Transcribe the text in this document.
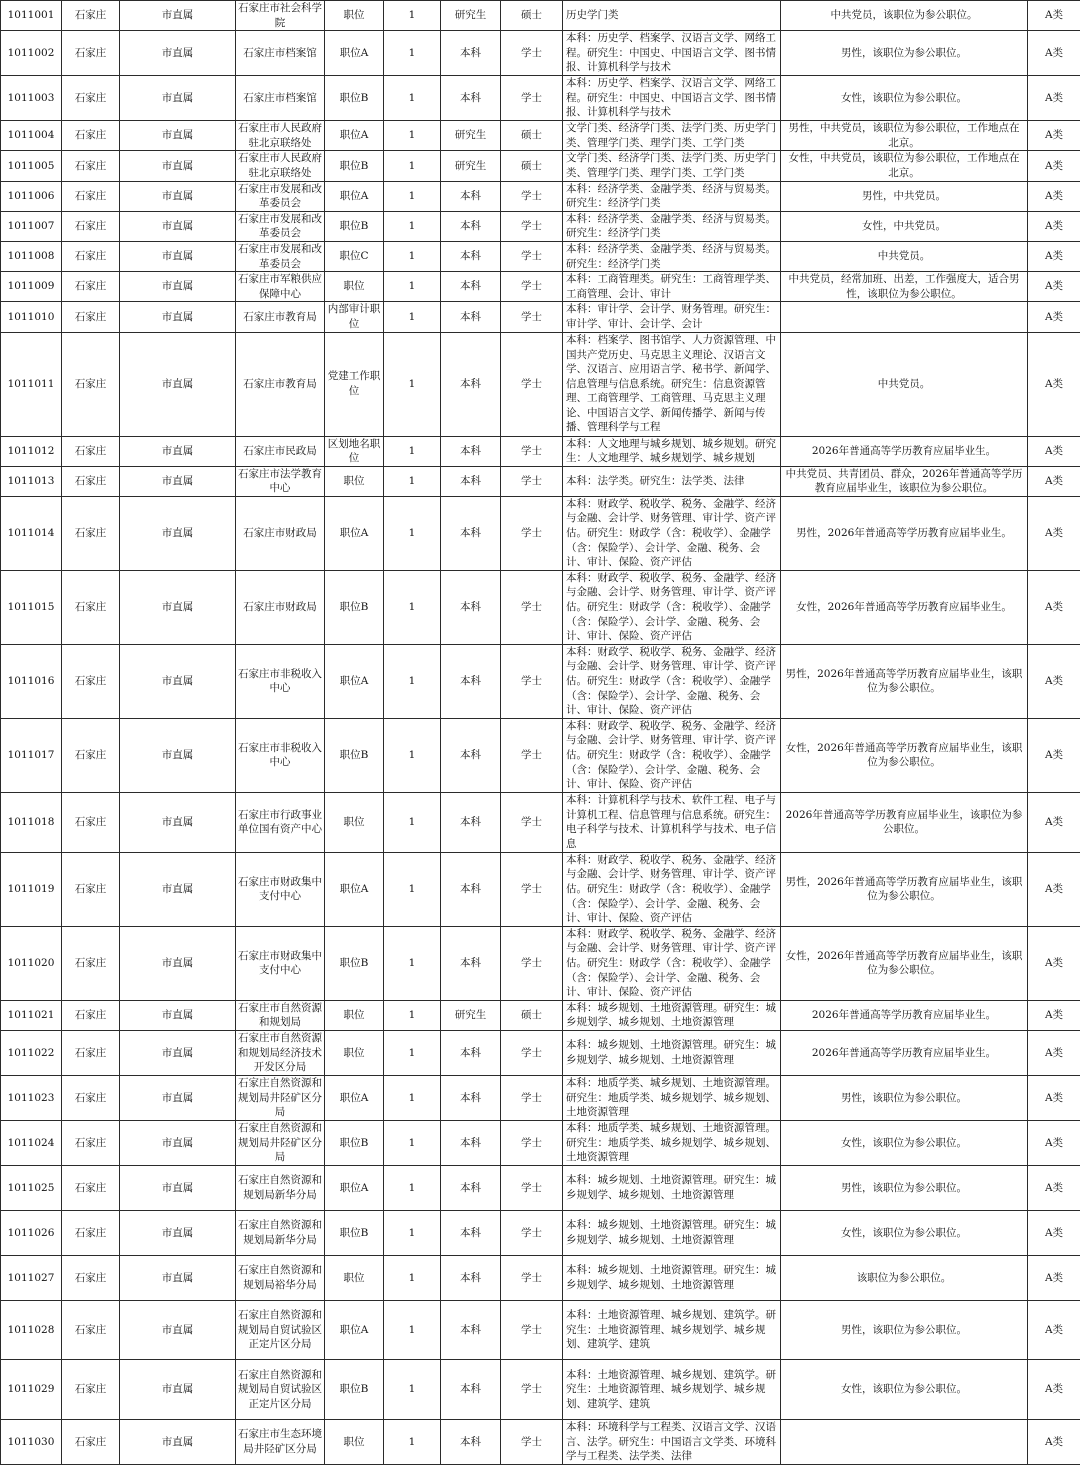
1011001	石家庄	市直属	石家庄市社会科学院	职位	1	研究生	硕士	历史学门类	中共党员，该职位为参公职位。	A类
1011002	石家庄	市直属	石家庄市档案馆	职位A	1	本科	学士	本科：历史学、档案学、汉语言文学、网络工程。研究生：中国史、中国语言文学、图书情报、计算机科学与技术	男性，该职位为参公职位。	A类
1011003	石家庄	市直属	石家庄市档案馆	职位B	1	本科	学士	本科：历史学、档案学、汉语言文学、网络工程。研究生：中国史、中国语言文学、图书情报、计算机科学与技术	女性，该职位为参公职位。	A类
1011004	石家庄	市直属	石家庄市人民政府驻北京联络处	职位A	1	研究生	硕士	文学门类、经济学门类、法学门类、历史学门类、管理学门类、理学门类、工学门类	男性，中共党员，该职位为参公职位，工作地点在北京。	A类
1011005	石家庄	市直属	石家庄市人民政府驻北京联络处	职位B	1	研究生	硕士	文学门类、经济学门类、法学门类、历史学门类、管理学门类、理学门类、工学门类	女性，中共党员，该职位为参公职位，工作地点在北京。	A类
1011006	石家庄	市直属	石家庄市发展和改革委员会	职位A	1	本科	学士	本科：经济学类、金融学类、经济与贸易类。研究生：经济学门类	男性，中共党员。	A类
1011007	石家庄	市直属	石家庄市发展和改革委员会	职位B	1	本科	学士	本科：经济学类、金融学类、经济与贸易类。研究生：经济学门类	女性，中共党员。	A类
1011008	石家庄	市直属	石家庄市发展和改革委员会	职位C	1	本科	学士	本科：经济学类、金融学类、经济与贸易类。研究生：经济学门类	中共党员。	A类
1011009	石家庄	市直属	石家庄市军粮供应保障中心	职位	1	本科	学士	本科：工商管理类。研究生：工商管理学类、工商管理、会计、审计	中共党员，经常加班、出差，工作强度大，适合男性，该职位为参公职位。	A类
1011010	石家庄	市直属	石家庄市教育局	内部审计职位	1	本科	学士	本科：审计学、会计学、财务管理。研究生：审计学、审计、会计学、会计		A类
1011011	石家庄	市直属	石家庄市教育局	党建工作职位	1	本科	学士	本科：档案学、图书馆学、人力资源管理、中国共产党历史、马克思主义理论、汉语言文学、汉语言、应用语言学、秘书学、新闻学、信息管理与信息系统。研究生：信息资源管理、工商管理学、工商管理、马克思主义理论、中国语言文学、新闻传播学、新闻与传播、管理科学与工程	中共党员。	A类
1011012	石家庄	市直属	石家庄市民政局	区划地名职位	1	本科	学士	本科：人文地理与城乡规划、城乡规划。研究生：人文地理学、城乡规划学、城乡规划	2026年普通高等学历教育应届毕业生。	A类
1011013	石家庄	市直属	石家庄市法学教育中心	职位	1	本科	学士	本科：法学类。研究生：法学类、法律	中共党员、共青团员、群众，2026年普通高等学历教育应届毕业生，该职位为参公职位。	A类
1011014	石家庄	市直属	石家庄市财政局	职位A	1	本科	学士	本科：财政学、税收学、税务、金融学、经济与金融、会计学、财务管理、审计学、资产评估。研究生：财政学（含：税收学）、金融学（含：保险学）、会计学、金融、税务、会计、审计、保险、资产评估	男性，2026年普通高等学历教育应届毕业生。	A类
1011015	石家庄	市直属	石家庄市财政局	职位B	1	本科	学士	本科：财政学、税收学、税务、金融学、经济与金融、会计学、财务管理、审计学、资产评估。研究生：财政学（含：税收学）、金融学（含：保险学）、会计学、金融、税务、会计、审计、保险、资产评估	女性，2026年普通高等学历教育应届毕业生。	A类
1011016	石家庄	市直属	石家庄市非税收入中心	职位A	1	本科	学士	本科：财政学、税收学、税务、金融学、经济与金融、会计学、财务管理、审计学、资产评估。研究生：财政学（含：税收学）、金融学（含：保险学）、会计学、金融、税务、会计、审计、保险、资产评估	男性，2026年普通高等学历教育应届毕业生，该职位为参公职位。	A类
1011017	石家庄	市直属	石家庄市非税收入中心	职位B	1	本科	学士	本科：财政学、税收学、税务、金融学、经济与金融、会计学、财务管理、审计学、资产评估。研究生：财政学（含：税收学）、金融学（含：保险学）、会计学、金融、税务、会计、审计、保险、资产评估	女性，2026年普通高等学历教育应届毕业生，该职位为参公职位。	A类
1011018	石家庄	市直属	石家庄市行政事业单位国有资产中心	职位	1	本科	学士	本科：计算机科学与技术、软件工程、电子与计算机工程、信息管理与信息系统。研究生：电子科学与技术、计算机科学与技术、电子信息	2026年普通高等学历教育应届毕业生，该职位为参公职位。	A类
1011019	石家庄	市直属	石家庄市财政集中支付中心	职位A	1	本科	学士	本科：财政学、税收学、税务、金融学、经济与金融、会计学、财务管理、审计学、资产评估。研究生：财政学（含：税收学）、金融学（含：保险学）、会计学、金融、税务、会计、审计、保险、资产评估	男性，2026年普通高等学历教育应届毕业生，该职位为参公职位。	A类
1011020	石家庄	市直属	石家庄市财政集中支付中心	职位B	1	本科	学士	本科：财政学、税收学、税务、金融学、经济与金融、会计学、财务管理、审计学、资产评估。研究生：财政学（含：税收学）、金融学（含：保险学）、会计学、金融、税务、会计、审计、保险、资产评估	女性，2026年普通高等学历教育应届毕业生，该职位为参公职位。	A类
1011021	石家庄	市直属	石家庄市自然资源和规划局	职位	1	研究生	硕士	本科：城乡规划、土地资源管理。研究生：城乡规划学、城乡规划、土地资源管理	2026年普通高等学历教育应届毕业生。	A类
1011022	石家庄	市直属	石家庄市自然资源和规划局经济技术开发区分局	职位	1	本科	学士	本科：城乡规划、土地资源管理。研究生：城乡规划学、城乡规划、土地资源管理	2026年普通高等学历教育应届毕业生。	A类
1011023	石家庄	市直属	石家庄自然资源和规划局井陉矿区分局	职位A	1	本科	学士	本科：地质学类、城乡规划、土地资源管理。研究生：地质学类、城乡规划学、城乡规划、土地资源管理	男性，该职位为参公职位。	A类
1011024	石家庄	市直属	石家庄自然资源和规划局井陉矿区分局	职位B	1	本科	学士	本科：地质学类、城乡规划、土地资源管理。研究生：地质学类、城乡规划学、城乡规划、土地资源管理	女性，该职位为参公职位。	A类
1011025	石家庄	市直属	石家庄自然资源和规划局新华分局	职位A	1	本科	学士	本科：城乡规划、土地资源管理。研究生：城乡规划学、城乡规划、土地资源管理	男性，该职位为参公职位。	A类
1011026	石家庄	市直属	石家庄自然资源和规划局新华分局	职位B	1	本科	学士	本科：城乡规划、土地资源管理。研究生：城乡规划学、城乡规划、土地资源管理	女性，该职位为参公职位。	A类
1011027	石家庄	市直属	石家庄自然资源和规划局裕华分局	职位	1	本科	学士	本科：城乡规划、土地资源管理。研究生：城乡规划学、城乡规划、土地资源管理	该职位为参公职位。	A类
1011028	石家庄	市直属	石家庄自然资源和规划局自贸试验区正定片区分局	职位A	1	本科	学士	本科：土地资源管理、城乡规划、建筑学。研究生：土地资源管理、城乡规划学、城乡规划、建筑学、建筑	男性，该职位为参公职位。	A类
1011029	石家庄	市直属	石家庄自然资源和规划局自贸试验区正定片区分局	职位B	1	本科	学士	本科：土地资源管理、城乡规划、建筑学。研究生：土地资源管理、城乡规划学、城乡规划、建筑学、建筑	女性，该职位为参公职位。	A类
1011030	石家庄	市直属	石家庄市生态环境局井陉矿区分局	职位	1	本科	学士	本科：环境科学与工程类、汉语言文学、汉语言、法学。研究生：中国语言文学类、环境科学与工程类、法学类、法律		A类
